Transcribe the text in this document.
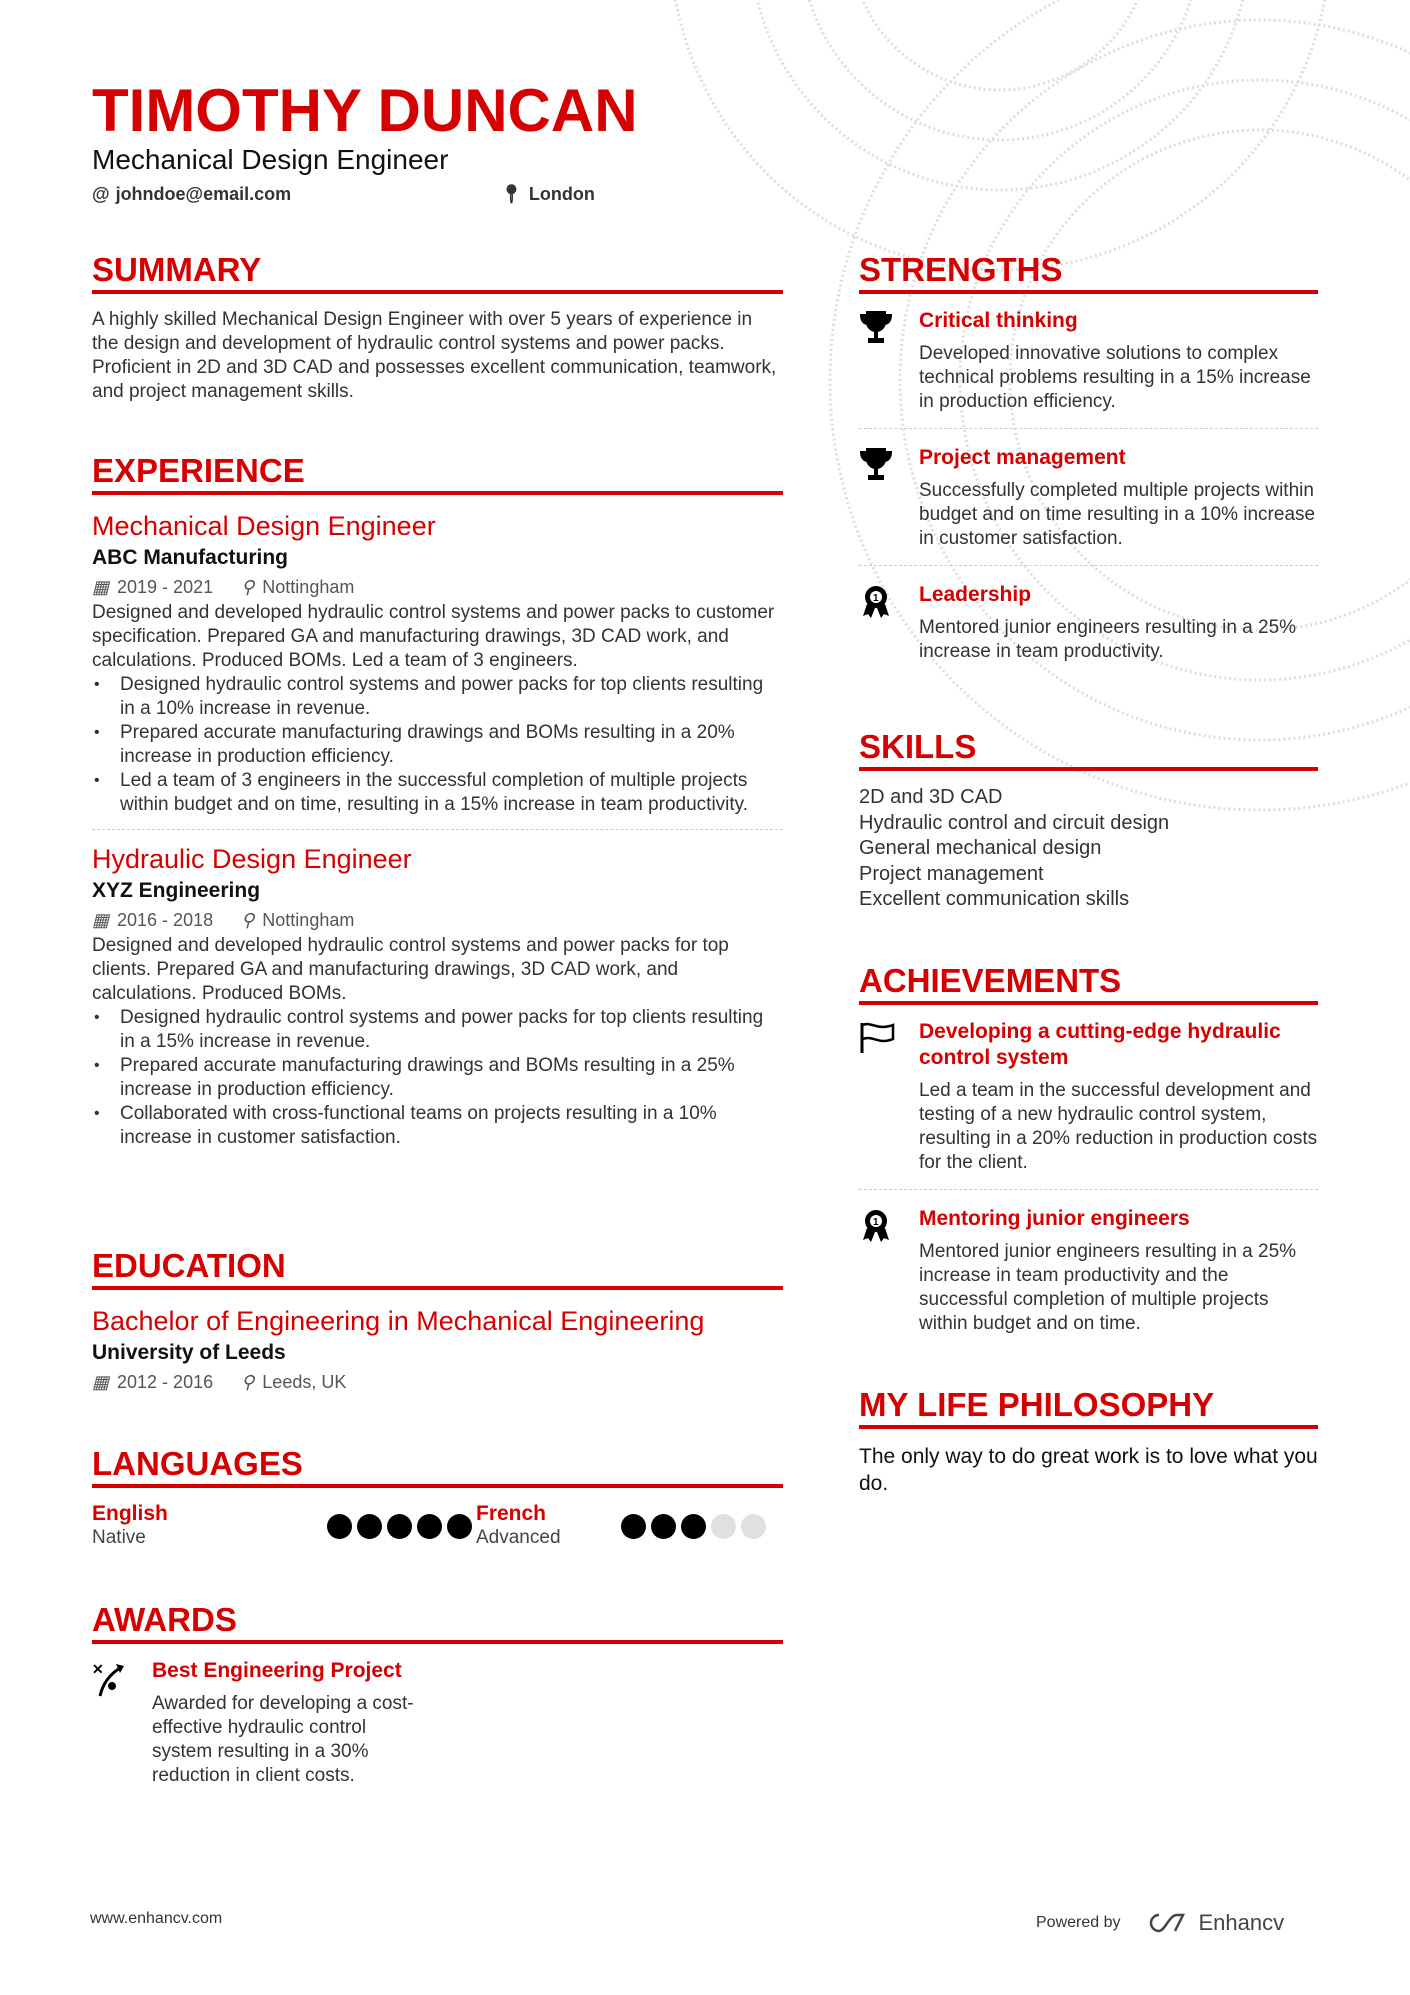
TIMOTHY DUNCAN
Mechanical Design Engineer
@ johndoe@email.com	📍︎ London
SUMMARY

A highly skilled Mechanical Design Engineer with over 5 years of experience in the design and development of hydraulic control systems and power packs. Proficient in 2D and 3D CAD and possesses excellent communication, teamwork, and project management skills.

EXPERIENCE
Mechanical Design Engineer
ABC Manufacturing
▦ 2019 - 2021 ⚲ Nottingham

Designed and developed hydraulic control systems and power packs to customer specification. Prepared GA and manufacturing drawings, 3D CAD work, and calculations. Produced BOMs. Led a team of 3 engineers.

• Designed hydraulic control systems and power packs for top clients resulting in a 10% increase in revenue.
• Prepared accurate manufacturing drawings and BOMs resulting in a 20% increase in production efficiency.
• Led a team of 3 engineers in the successful completion of multiple projects within budget and on time, resulting in a 15% increase in team productivity.
Hydraulic Design Engineer
XYZ Engineering
▦ 2016 - 2018 ⚲ Nottingham

Designed and developed hydraulic control systems and power packs for top clients. Prepared GA and manufacturing drawings, 3D CAD work, and calculations. Produced BOMs.

• Designed hydraulic control systems and power packs for top clients resulting in a 15% increase in revenue.
• Prepared accurate manufacturing drawings and BOMs resulting in a 25% increase in production efficiency.
• Collaborated with cross-functional teams on projects resulting in a 10% increase in customer satisfaction.
EDUCATION
Bachelor of Engineering in Mechanical Engineering
University of Leeds
▦ 2012 - 2016 ⚲ Leeds, UK
LANGUAGES
English
Native
French
Advanced
AWARDS
✕ Best Engineering Project

Awarded for developing a cost-effective hydraulic control system resulting in a 30% reduction in client costs.

STRENGTHS
Critical thinking

Developed innovative solutions to complex technical problems resulting in a 15% increase in production efficiency.

Project management

Successfully completed multiple projects within budget and on time resulting in a 10% increase in customer satisfaction.

1 Leadership

Mentored junior engineers resulting in a 25% increase in team productivity.

SKILLS
2D and 3D CAD
Hydraulic control and circuit design
General mechanical design
Project management
Excellent communication skills
ACHIEVEMENTS
Developing a cutting-edge hydraulic control system

Led a team in the successful development and testing of a new hydraulic control system, resulting in a 20% reduction in production costs for the client.

1 Mentoring junior engineers

Mentored junior engineers resulting in a 25% increase in team productivity and the successful completion of multiple projects within budget and on time.

MY LIFE PHILOSOPHY

The only way to do great work is to love what you do.

www.enhancv.com	Powered by	Enhancv
